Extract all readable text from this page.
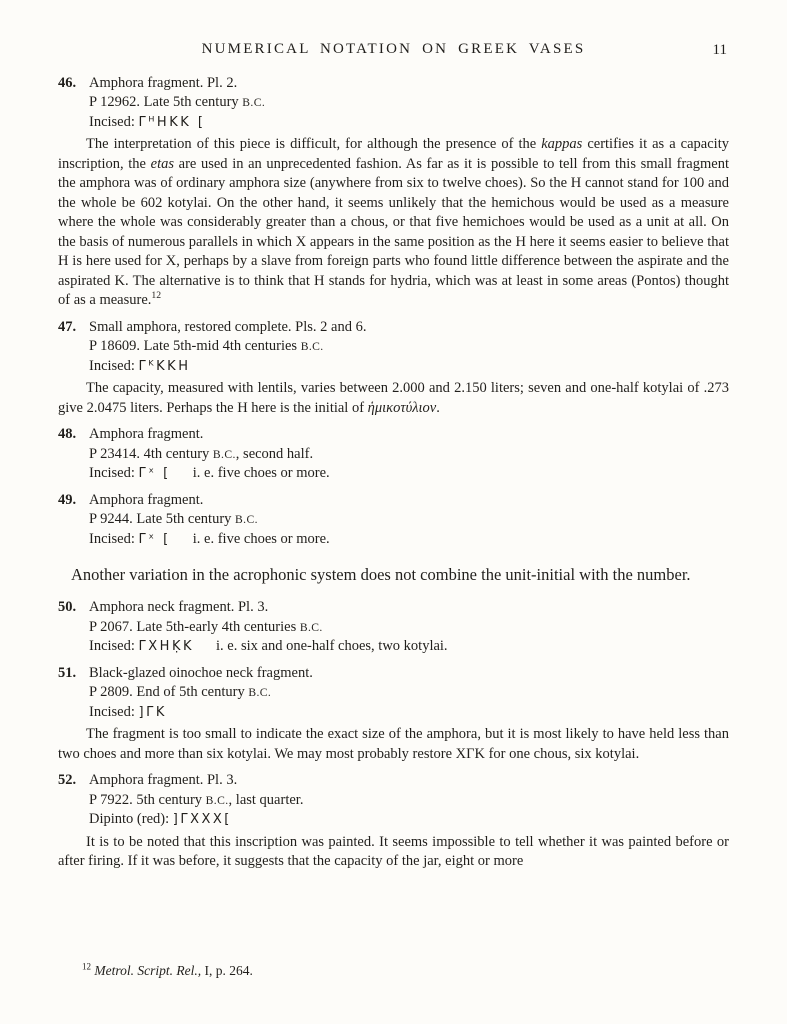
NUMERICAL NOTATION ON GREEK VASES	11
46. Amphora fragment. Pl. 2.
P 12962. Late 5th century B.C.
Incised: ΓᴴHKK [

The interpretation of this piece is difficult, for although the presence of the kappas certifies it as a capacity inscription, the etas are used in an unprecedented fashion. As far as it is possible to tell from this small fragment the amphora was of ordinary amphora size (anywhere from six to twelve choes). So the H cannot stand for 100 and the whole be 602 kotylai. On the other hand, it seems unlikely that the hemichous would be used as a measure where the whole was considerably greater than a chous, or that five hemichoes would be used as a unit at all. On the basis of numerous parallels in which X appears in the same position as the H here it seems easier to believe that H is here used for X, perhaps by a slave from foreign parts who found little difference between the aspirate and the aspirated K. The alternative is to think that H stands for hydria, which was at least in some areas (Pontos) thought of as a measure.$^{12}$

47. Small amphora, restored complete. Pls. 2 and 6.
P 18609. Late 5th-mid 4th centuries B.C.
Incised: ΓᴷKKH

The capacity, measured with lentils, varies between 2.000 and 2.150 liters; seven and one-half kotylai of .273 give 2.0475 liters. Perhaps the H here is the initial of ἡμικοτύλιον.

48. Amphora fragment.
P 23414. 4th century B.C., second half.
Incised: Γˣ [ i. e. five choes or more.
49. Amphora fragment.
P 9244. Late 5th century B.C.
Incised: Γˣ [ i. e. five choes or more.

Another variation in the acrophonic system does not combine the unit-initial with the number.

50. Amphora neck fragment. Pl. 3.
P 2067. Late 5th-early 4th centuries B.C.
Incised: ΓXHḲK i. e. six and one-half choes, two kotylai.
51. Black-glazed oinochoe neck fragment.
P 2809. End of 5th century B.C.
Incised: ]ΓK

The fragment is too small to indicate the exact size of the amphora, but it is most likely to have held less than two choes and more than six kotylai. We may most probably restore XΓK for one chous, six kotylai.

52. Amphora fragment. Pl. 3.
P 7922. 5th century B.C., last quarter.
Dipinto (red): ]ΓXXX[

It is to be noted that this inscription was painted. It seems impossible to tell whether it was painted before or after firing. If it was before, it suggests that the capacity of the jar, eight or more

$^{12}$ Metrol. Script. Rel., I, p. 264.
